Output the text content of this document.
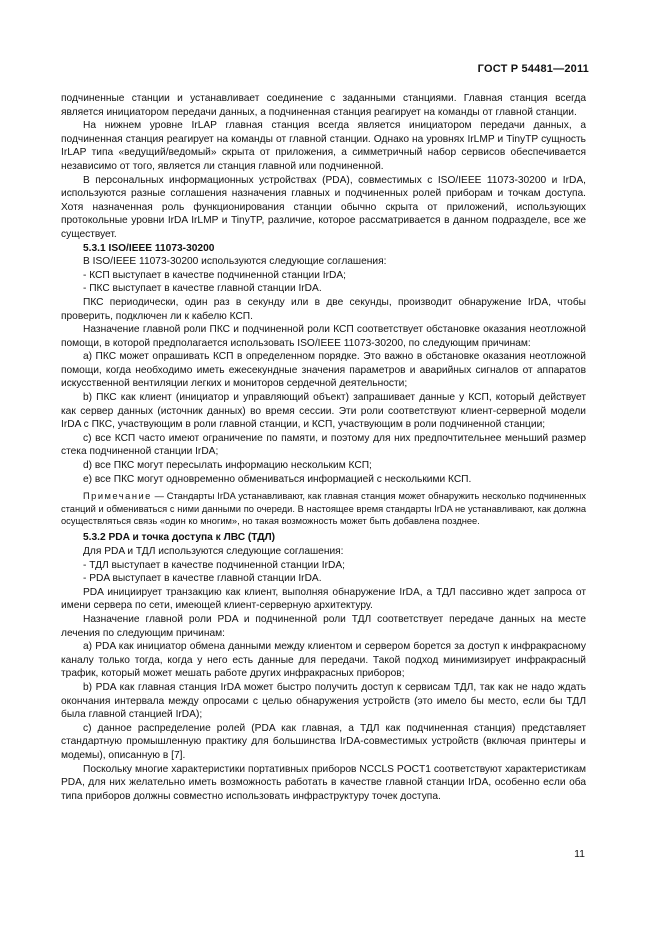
ГОСТ Р 54481—2011

подчиненные станции и устанавливает соединение с заданными станциями. Главная станция всегда является инициатором передачи данных, а подчиненная станция реагирует на команды от главной станции.

На нижнем уровне IrLAP главная станция всегда является инициатором передачи данных, а подчиненная станция реагирует на команды от главной станции. Однако на уровнях IrLMP и TinyTP сущность IrLAP типа «ведущий/ведомый» скрыта от приложения, а симметричный набор сервисов обеспечивается независимо от того, является ли станция главной или подчиненной.

В персональных информационных устройствах (PDA), совместимых с ISO/IEEE 11073-30200 и IrDA, используются разные соглашения назначения главных и подчиненных ролей приборам и точкам доступа. Хотя назначенная роль функционирования станции обычно скрыта от приложений, использующих протокольные уровни IrDA IrLMP и TinyTP, различие, которое рассматривается в данном подразделе, все же существует.

5.3.1 ISO/IEEE 11073-30200

В ISO/IEEE 11073-30200 используются следующие соглашения:

- КСП выступает в качестве подчиненной станции IrDA;

- ПКС выступает в качестве главной станции IrDA.

ПКС периодически, один раз в секунду или в две секунды, производит обнаружение IrDA, чтобы проверить, подключен ли к кабелю КСП.

Назначение главной роли ПКС и подчиненной роли КСП соответствует обстановке оказания неотложной помощи, в которой предполагается использовать ISO/IEEE 11073-30200, по следующим причинам:

а) ПКС может опрашивать КСП в определенном порядке. Это важно в обстановке оказания неотложной помощи, когда необходимо иметь ежесекундные значения параметров и аварийных сигналов от аппаратов искусственной вентиляции легких и мониторов сердечной деятельности;

b) ПКС как клиент (инициатор и управляющий объект) запрашивает данные у КСП, который действует как сервер данных (источник данных) во время сессии. Эти роли соответствуют клиент-серверной модели IrDA с ПКС, участвующим в роли главной станции, и КСП, участвующим в роли подчиненной станции;

c) все КСП часто имеют ограничение по памяти, и поэтому для них предпочтительнее меньший размер стека подчиненной станции IrDA;

d) все ПКС могут пересылать информацию нескольким КСП;

e) все ПКС могут одновременно обмениваться информацией с несколькими КСП.

Примечание — Стандарты IrDA устанавливают, как главная станция может обнаружить несколько подчиненных станций и обмениваться с ними данными по очереди. В настоящее время стандарты IrDA не устанавливают, как должна осуществляться связь «один ко многим», но такая возможность может быть добавлена позднее.

5.3.2 PDA и точка доступа к ЛВС (ТДЛ)

Для PDA и ТДЛ используются следующие соглашения:

- ТДЛ выступает в качестве подчиненной станции IrDA;

- PDA выступает в качестве главной станции IrDA.

PDA инициирует транзакцию как клиент, выполняя обнаружение IrDA, а ТДЛ пассивно ждет запроса от имени сервера по сети, имеющей клиент-серверную архитектуру.

Назначение главной роли PDA и подчиненной роли ТДЛ соответствует передаче данных на месте лечения по следующим причинам:

a) PDA как инициатор обмена данными между клиентом и сервером борется за доступ к инфракрасному каналу только тогда, когда у него есть данные для передачи. Такой подход минимизирует инфракрасный трафик, который может мешать работе других инфракрасных приборов;

b) PDA как главная станция IrDA может быстро получить доступ к сервисам ТДЛ, так как не надо ждать окончания интервала между опросами с целью обнаружения устройств (это имело бы место, если бы ТДЛ была главной станцией IrDA);

c) данное распределение ролей (PDA как главная, а ТДЛ как подчиненная станция) представляет стандартную промышленную практику для большинства IrDA-совместимых устройств (включая принтеры и модемы), описанную в [7].

Поскольку многие характеристики портативных приборов NCCLS POCT1 соответствуют характеристикам PDA, для них желательно иметь возможность работать в качестве главной станции IrDA, особенно если оба типа приборов должны совместно использовать инфраструктуру точек доступа.

11
